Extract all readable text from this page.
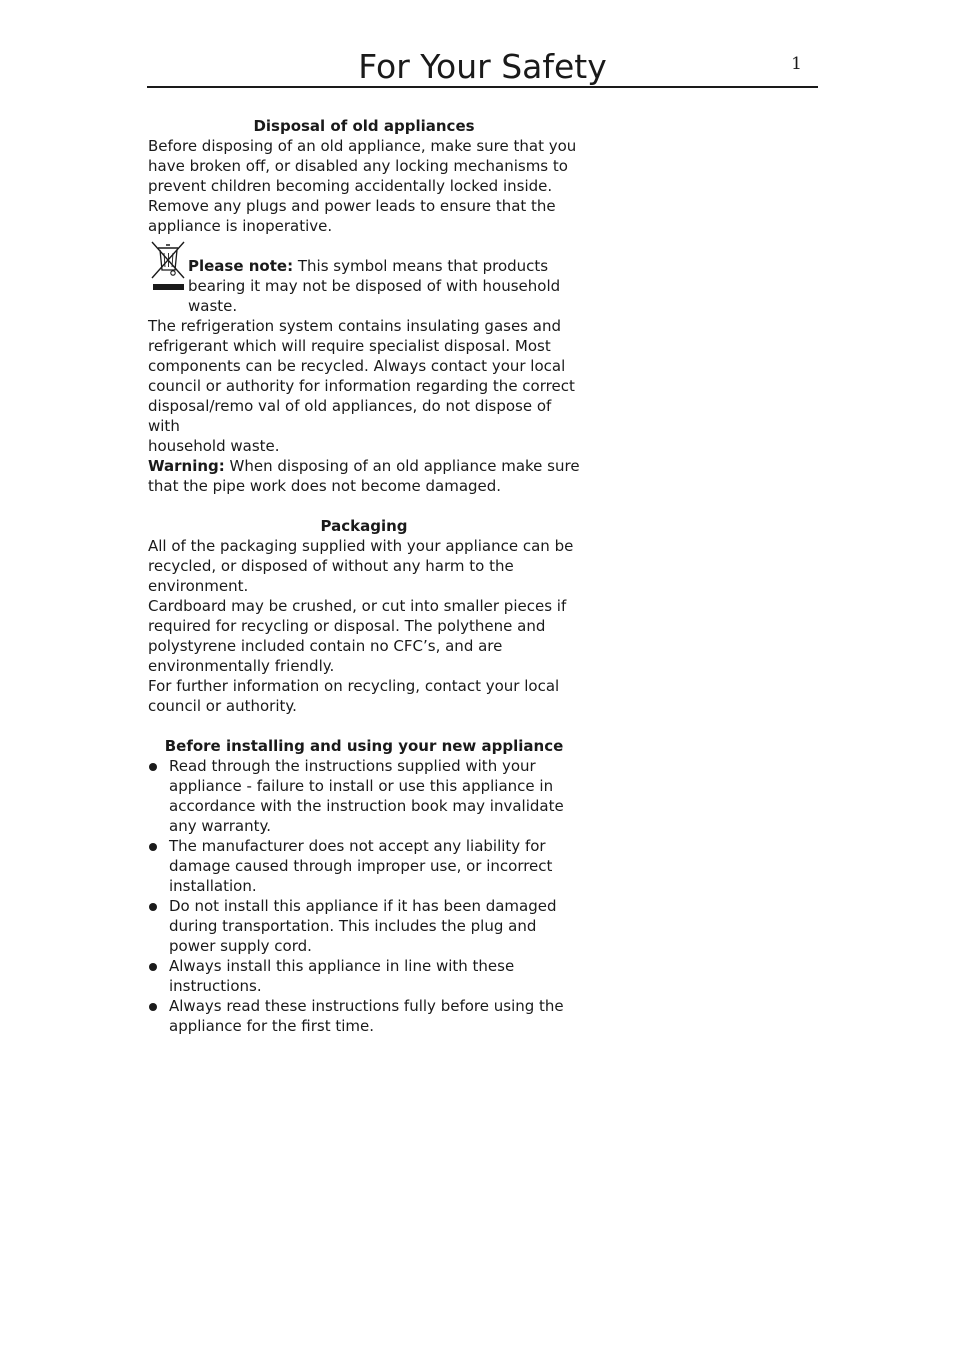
For Your Safety	1
Disposal of old appliances

Before disposing of an old appliance, make sure that you

have broken off, or disabled any locking mechanisms to

prevent children becoming accidentally locked inside.

Remove any plugs and power leads to ensure that the

appliance is inoperative.

Please note: This symbol means that products

bearing it may not be disposed of with household

waste.

The refrigeration system contains insulating gases and

refrigerant which will require specialist disposal. Most

components can be recycled. Always contact your local

council or authority for information regarding the correct

disposal/remo val of old appliances, do not dispose of with

household waste.

Warning: When disposing of an old appliance make sure

that the pipe work does not become damaged.

Packaging

All of the packaging supplied with your appliance can be

recycled, or disposed of without any harm to the

environment.

Cardboard may be crushed, or cut into smaller pieces if

required for recycling or disposal. The polythene and

polystyrene included contain no CFC’s, and are

environmentally friendly.

For further information on recycling, contact your local

council or authority.

Before installing and using your new appliance

Read through the instructions supplied with your

appliance - failure to install or use this appliance in

accordance with the instruction book may invalidate

any warranty.

The manufacturer does not accept any liability for

damage caused through improper use, or incorrect

installation.

Do not install this appliance if it has been damaged

during transportation. This includes the plug and

power supply cord.

Always install this appliance in line with these

instructions.

Always read these instructions fully before using the

appliance for the first time.
